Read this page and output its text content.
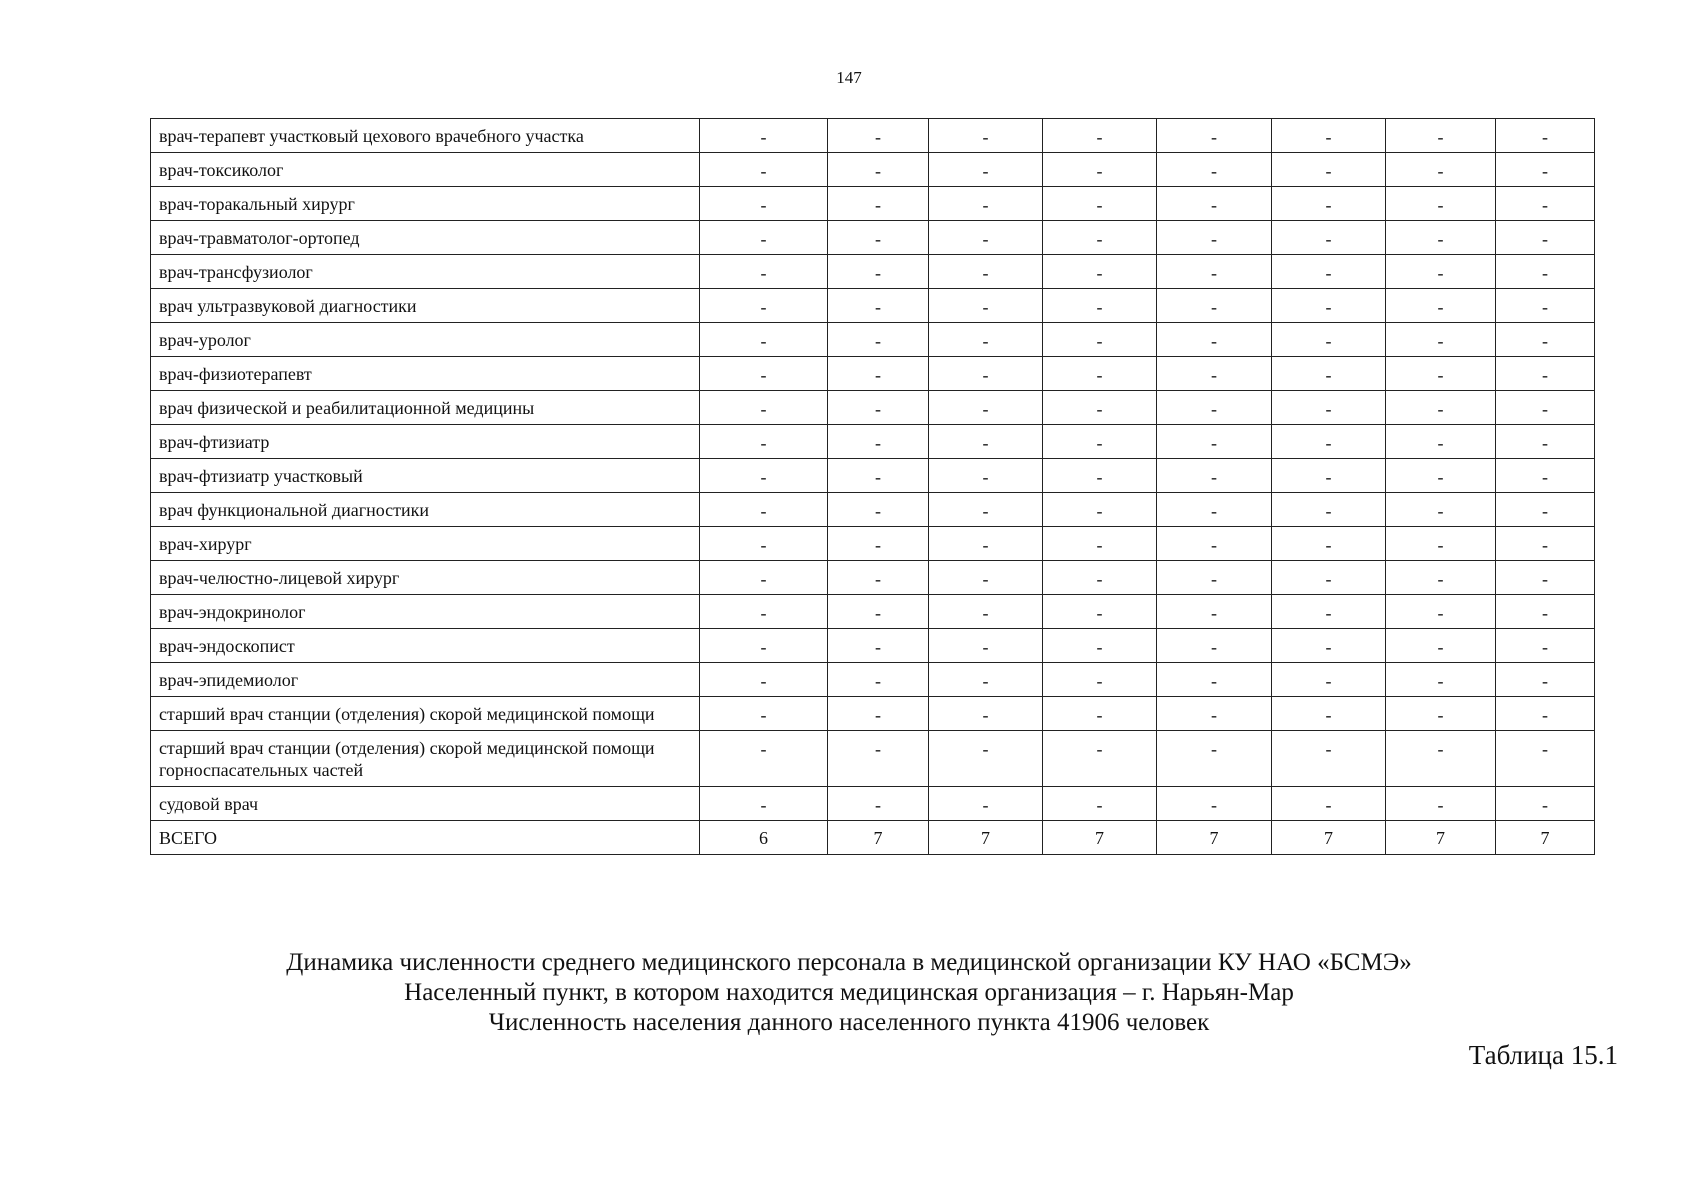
147
врач-терапевт участковый цехового врачебного участка	-	-	-	-	-	-	-	-
врач-токсиколог	-	-	-	-	-	-	-	-
врач-торакальный хирург	-	-	-	-	-	-	-	-
врач-травматолог-ортопед	-	-	-	-	-	-	-	-
врач-трансфузиолог	-	-	-	-	-	-	-	-
врач ультразвуковой диагностики	-	-	-	-	-	-	-	-
врач-уролог	-	-	-	-	-	-	-	-
врач-физиотерапевт	-	-	-	-	-	-	-	-
врач физической и реабилитационной медицины	-	-	-	-	-	-	-	-
врач-фтизиатр	-	-	-	-	-	-	-	-
врач-фтизиатр участковый	-	-	-	-	-	-	-	-
врач функциональной диагностики	-	-	-	-	-	-	-	-
врач-хирург	-	-	-	-	-	-	-	-
врач-челюстно-лицевой хирург	-	-	-	-	-	-	-	-
врач-эндокринолог	-	-	-	-	-	-	-	-
врач-эндоскопист	-	-	-	-	-	-	-	-
врач-эпидемиолог	-	-	-	-	-	-	-	-
старший врач станции (отделения) скорой медицинской помощи	-	-	-	-	-	-	-	-
старший врач станции (отделения) скорой медицинской помощи горноспасательных частей	-	-	-	-	-	-	-	-
судовой врач	-	-	-	-	-	-	-	-
ВСЕГО	6	7	7	7	7	7	7	7
Динамика численности среднего медицинского персонала в медицинской организации КУ НАО «БСМЭ»
Населенный пункт, в котором находится медицинская организация – г. Нарьян-Мар
Численность населения данного населенного пункта 41906 человек
Таблица 15.1
